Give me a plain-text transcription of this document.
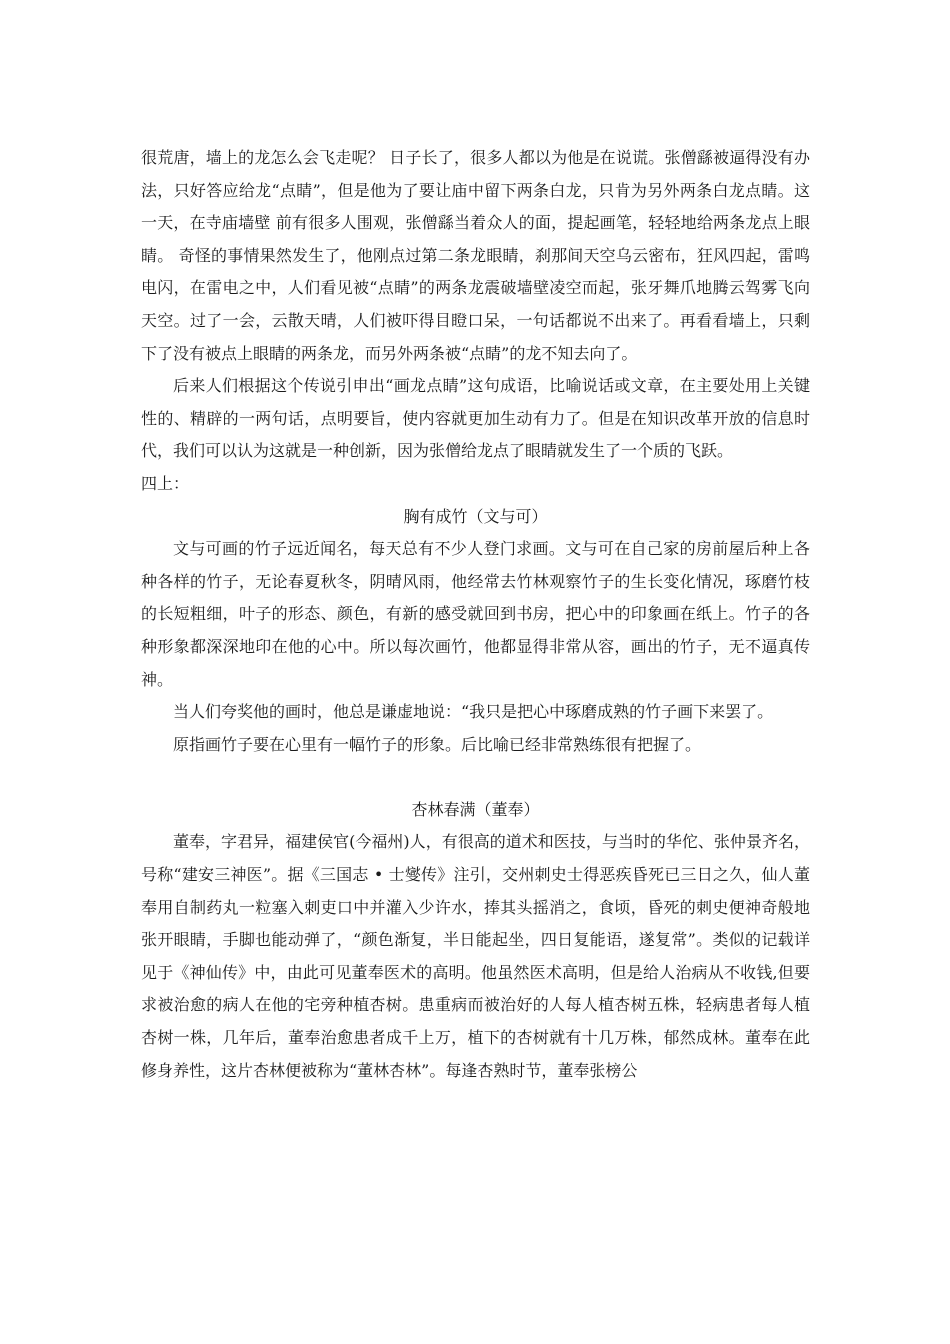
很荒唐，墙上的龙怎么会飞走呢？ 日子长了，很多人都以为他是在说谎。张僧繇被逼得没有办法，只好答应给龙“点睛”，但是他为了要让庙中留下两条白龙，只肯为另外两条白龙点睛。这一天，在寺庙墙壁 前有很多人围观，张僧繇当着众人的面，提起画笔，轻轻地给两条龙点上眼睛。 奇怪的事情果然发生了，他刚点过第二条龙眼睛，刹那间天空乌云密布，狂风四起，雷鸣电闪，在雷电之中，人们看见被“点睛”的两条龙震破墙壁凌空而起，张牙舞爪地腾云驾雾飞向天空。过了一会，云散天晴，人们被吓得目瞪口呆，一句话都说不出来了。再看看墙上，只剩下了没有被点上眼睛的两条龙，而另外两条被“点睛”的龙不知去向了。

后来人们根据这个传说引申出“画龙点睛”这句成语，比喻说话或文章，在主要处用上关键性的、精辟的一两句话，点明要旨，使内容就更加生动有力了。但是在知识改革开放的信息时代，我们可以认为这就是一种创新，因为张僧给龙点了眼睛就发生了一个质的飞跃。

四上：

胸有成竹（文与可）

文与可画的竹子远近闻名，每天总有不少人登门求画。文与可在自己家的房前屋后种上各种各样的竹子，无论春夏秋冬，阴晴风雨，他经常去竹林观察竹子的生长变化情况，琢磨竹枝的长短粗细，叶子的形态、颜色，有新的感受就回到书房，把心中的印象画在纸上。竹子的各种形象都深深地印在他的心中。所以每次画竹，他都显得非常从容，画出的竹子，无不逼真传神。

当人们夸奖他的画时，他总是谦虚地说：“我只是把心中琢磨成熟的竹子画下来罢了。

原指画竹子要在心里有一幅竹子的形象。后比喻已经非常熟练很有把握了。

杏林春满（董奉）

董奉，字君异，福建侯官(今福州)人，有很高的道术和医技，与当时的华佗、张仲景齐名，号称“建安三神医”。据《三国志 • 士燮传》注引，交州刺史士得恶疾昏死已三日之久，仙人董奉用自制药丸一粒塞入刺吏口中并灌入少许水，捧其头摇消之，食顷，昏死的刺史便神奇般地张开眼睛，手脚也能动弹了，“颜色渐复，半日能起坐，四日复能语，遂复常”。类似的记载详见于《神仙传》中，由此可见董奉医术的高明。他虽然医术高明，但是给人治病从不收钱,但要求被治愈的病人在他的宅旁种植杏树。患重病而被治好的人每人植杏树五株，轻病患者每人植杏树一株，几年后，董奉治愈患者成千上万，植下的杏树就有十几万株，郁然成林。董奉在此修身养性，这片杏林便被称为“董林杏林”。每逢杏熟时节，董奉张榜公
